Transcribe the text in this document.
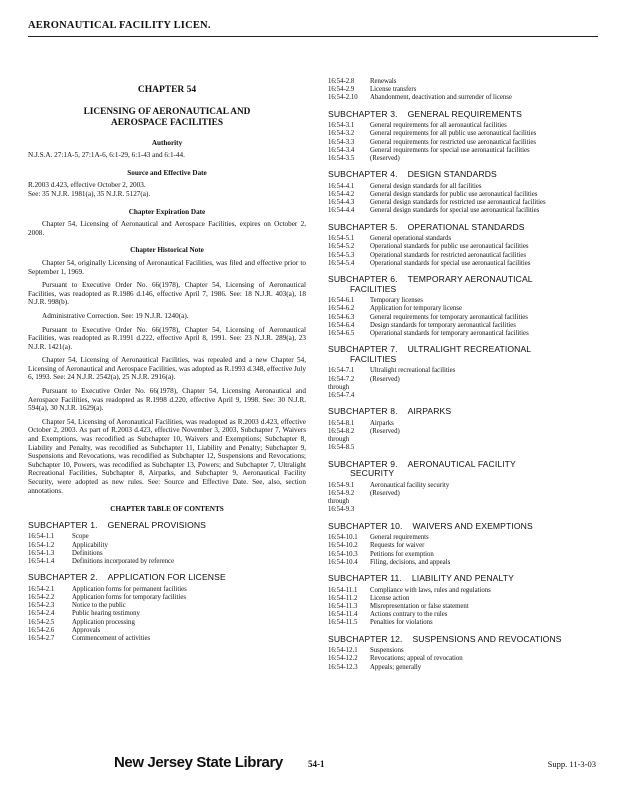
AERONAUTICAL FACILITY LICEN.
CHAPTER 54
LICENSING OF AERONAUTICAL AND
AEROSPACE FACILITIES
Authority

N.J.S.A. 27:1A-5, 27:1A-6, 6:1-29, 6:1-43 and 6:1-44.

Source and Effective Date

R.2003 d.423, effective October 2, 2003.
See: 35 N.J.R. 1981(a), 35 N.J.R. 5127(a).

Chapter Expiration Date

Chapter 54, Licensing of Aeronautical and Aerospace Facilities, expires on October 2, 2008.

Chapter Historical Note

Chapter 54, originally Licensing of Aeronautical Facilities, was filed and effective prior to September 1, 1969.

Pursuant to Executive Order No. 66(1978), Chapter 54, Licensing of Aeronautical Facilities, was readopted as R.1986 d.146, effective April 7, 1986. See: 18 N.J.R. 403(a), 18 N.J.R. 998(b).

Administrative Correction. See: 19 N.J.R. 1240(a).

Pursuant to Executive Order No. 66(1978), Chapter 54, Licensing of Aeronautical Facilities, was readopted as R.1991 d.222, effective April 8, 1991. See: 23 N.J.R. 289(a), 23 N.J.R. 1421(a).

Chapter 54, Licensing of Aeronautical Facilities, was repealed and a new Chapter 54, Licensing of Aeronautical and Aerospace Facilities, was adopted as R.1993 d.348, effective July 6, 1993. See: 24 N.J.R. 2542(a), 25 N.J.R. 2916(a).

Pursuant to Executive Order No. 66(1978), Chapter 54, Licensing Aeronautical and Aerospace Facilities, was readopted as R.1998 d.220, effective April 9, 1998. See: 30 N.J.R. 594(a), 30 N.J.R. 1629(a).

Chapter 54, Licensing of Aeronautical Facilities, was readopted as R.2003 d.423, effective October 2, 2003. As part of R.2003 d.423, effective November 3, 2003, Subchapter 7, Waivers and Exemptions, was recodified as Subchapter 10, Waivers and Exemptions; Subchapter 8, Liability and Penalty, was recodified as Subchapter 11, Liability and Penalty; Subchapter 9, Suspensions and Revocations, was recodified as Subchapter 12, Suspensions and Revocations; Subchapter 10, Powers, was recodified as Subchapter 13, Powers; and Subchapter 7, Ultralight Recreational Facilities, Subchapter 8, Airparks, and Subchapter 9, Aeronautical Facility Security, were adopted as new rules. See: Source and Effective Date. See, also, section annotations.

CHAPTER TABLE OF CONTENTS
SUBCHAPTER 1. GENERAL PROVISIONS
16:54-1.1	Scope
16:54-1.2	Applicability
16:54-1.3	Definitions
16:54-1.4	Definitions incorporated by reference
SUBCHAPTER 2. APPLICATION FOR LICENSE
16:54-2.1	Application forms for permanent facilities
16:54-2.2	Application forms for temporary facilities
16:54-2.3	Notice to the public
16:54-2.4	Public hearing testimony
16:54-2.5	Application processing
16:54-2.6	Approvals
16:54-2.7	Commencement of activities
16:54-2.8	Renewals
16:54-2.9	License transfers
16:54-2.10	Abandonment, deactivation and surrender of license
SUBCHAPTER 3. GENERAL REQUIREMENTS
16:54-3.1	General requirements for all aeronautical facilities
16:54-3.2	General requirements for all public use aeronautical facilities
16:54-3.3	General requirements for restricted use aeronautical facilities
16:54-3.4	General requirements for special use aeronautical facilities
16:54-3.5	(Reserved)
SUBCHAPTER 4. DESIGN STANDARDS
16:54-4.1	General design standards for all facilities
16:54-4.2	General design standards for public use aeronautical facilities
16:54-4.3	General design standards for restricted use aeronautical facilities
16:54-4.4	General design standards for special use aeronautical facilities
SUBCHAPTER 5. OPERATIONAL STANDARDS
16:54-5.1	General operational standards
16:54-5.2	Operational standards for public use aeronautical facilities
16:54-5.3	Operational standards for restricted aeronautical facilities
16:54-5.4	Operational standards for special use aeronautical facilities
SUBCHAPTER 6. TEMPORARY AERONAUTICAL
FACILITIES
16:54-6.1	Temporary licenses
16:54-6.2	Application for temporary license
16:54-6.3	General requirements for temporary aeronautical facilities
16:54-6.4	Design standards for temporary aeronautical facilities
16:54-6.5	Operational standards for temporary aeronautical facilities
SUBCHAPTER 7. ULTRALIGHT RECREATIONAL
FACILITIES
16:54-7.1	Ultralight recreational facilities
16:54-7.2	(Reserved)
through
16:54-7.4
SUBCHAPTER 8. AIRPARKS
16:54-8.1	Airparks
16:54-8.2	(Reserved)
through
16:54-8.5
SUBCHAPTER 9. AERONAUTICAL FACILITY
SECURITY
16:54-9.1	Aeronautical facility security
16:54-9.2	(Reserved)
through
16:54-9.3
SUBCHAPTER 10. WAIVERS AND EXEMPTIONS
16:54-10.1	General requirements
16:54-10.2	Requests for waiver
16:54-10.3	Petitions for exemption
16:54-10.4	Filing, decisions, and appeals
SUBCHAPTER 11. LIABILITY AND PENALTY
16:54-11.1	Compliance with laws, rules and regulations
16:54-11.2	License action
16:54-11.3	Misrepresentation or false statement
16:54-11.4	Actions contrary to the rules
16:54-11.5	Penalties for violations
SUBCHAPTER 12. SUSPENSIONS AND REVOCATIONS
16:54-12.1	Suspensions
16:54-12.2	Revocations; appeal of revocation
16:54-12.3	Appeals; generally
New Jersey State Library	54-1	Supp. 11-3-03
